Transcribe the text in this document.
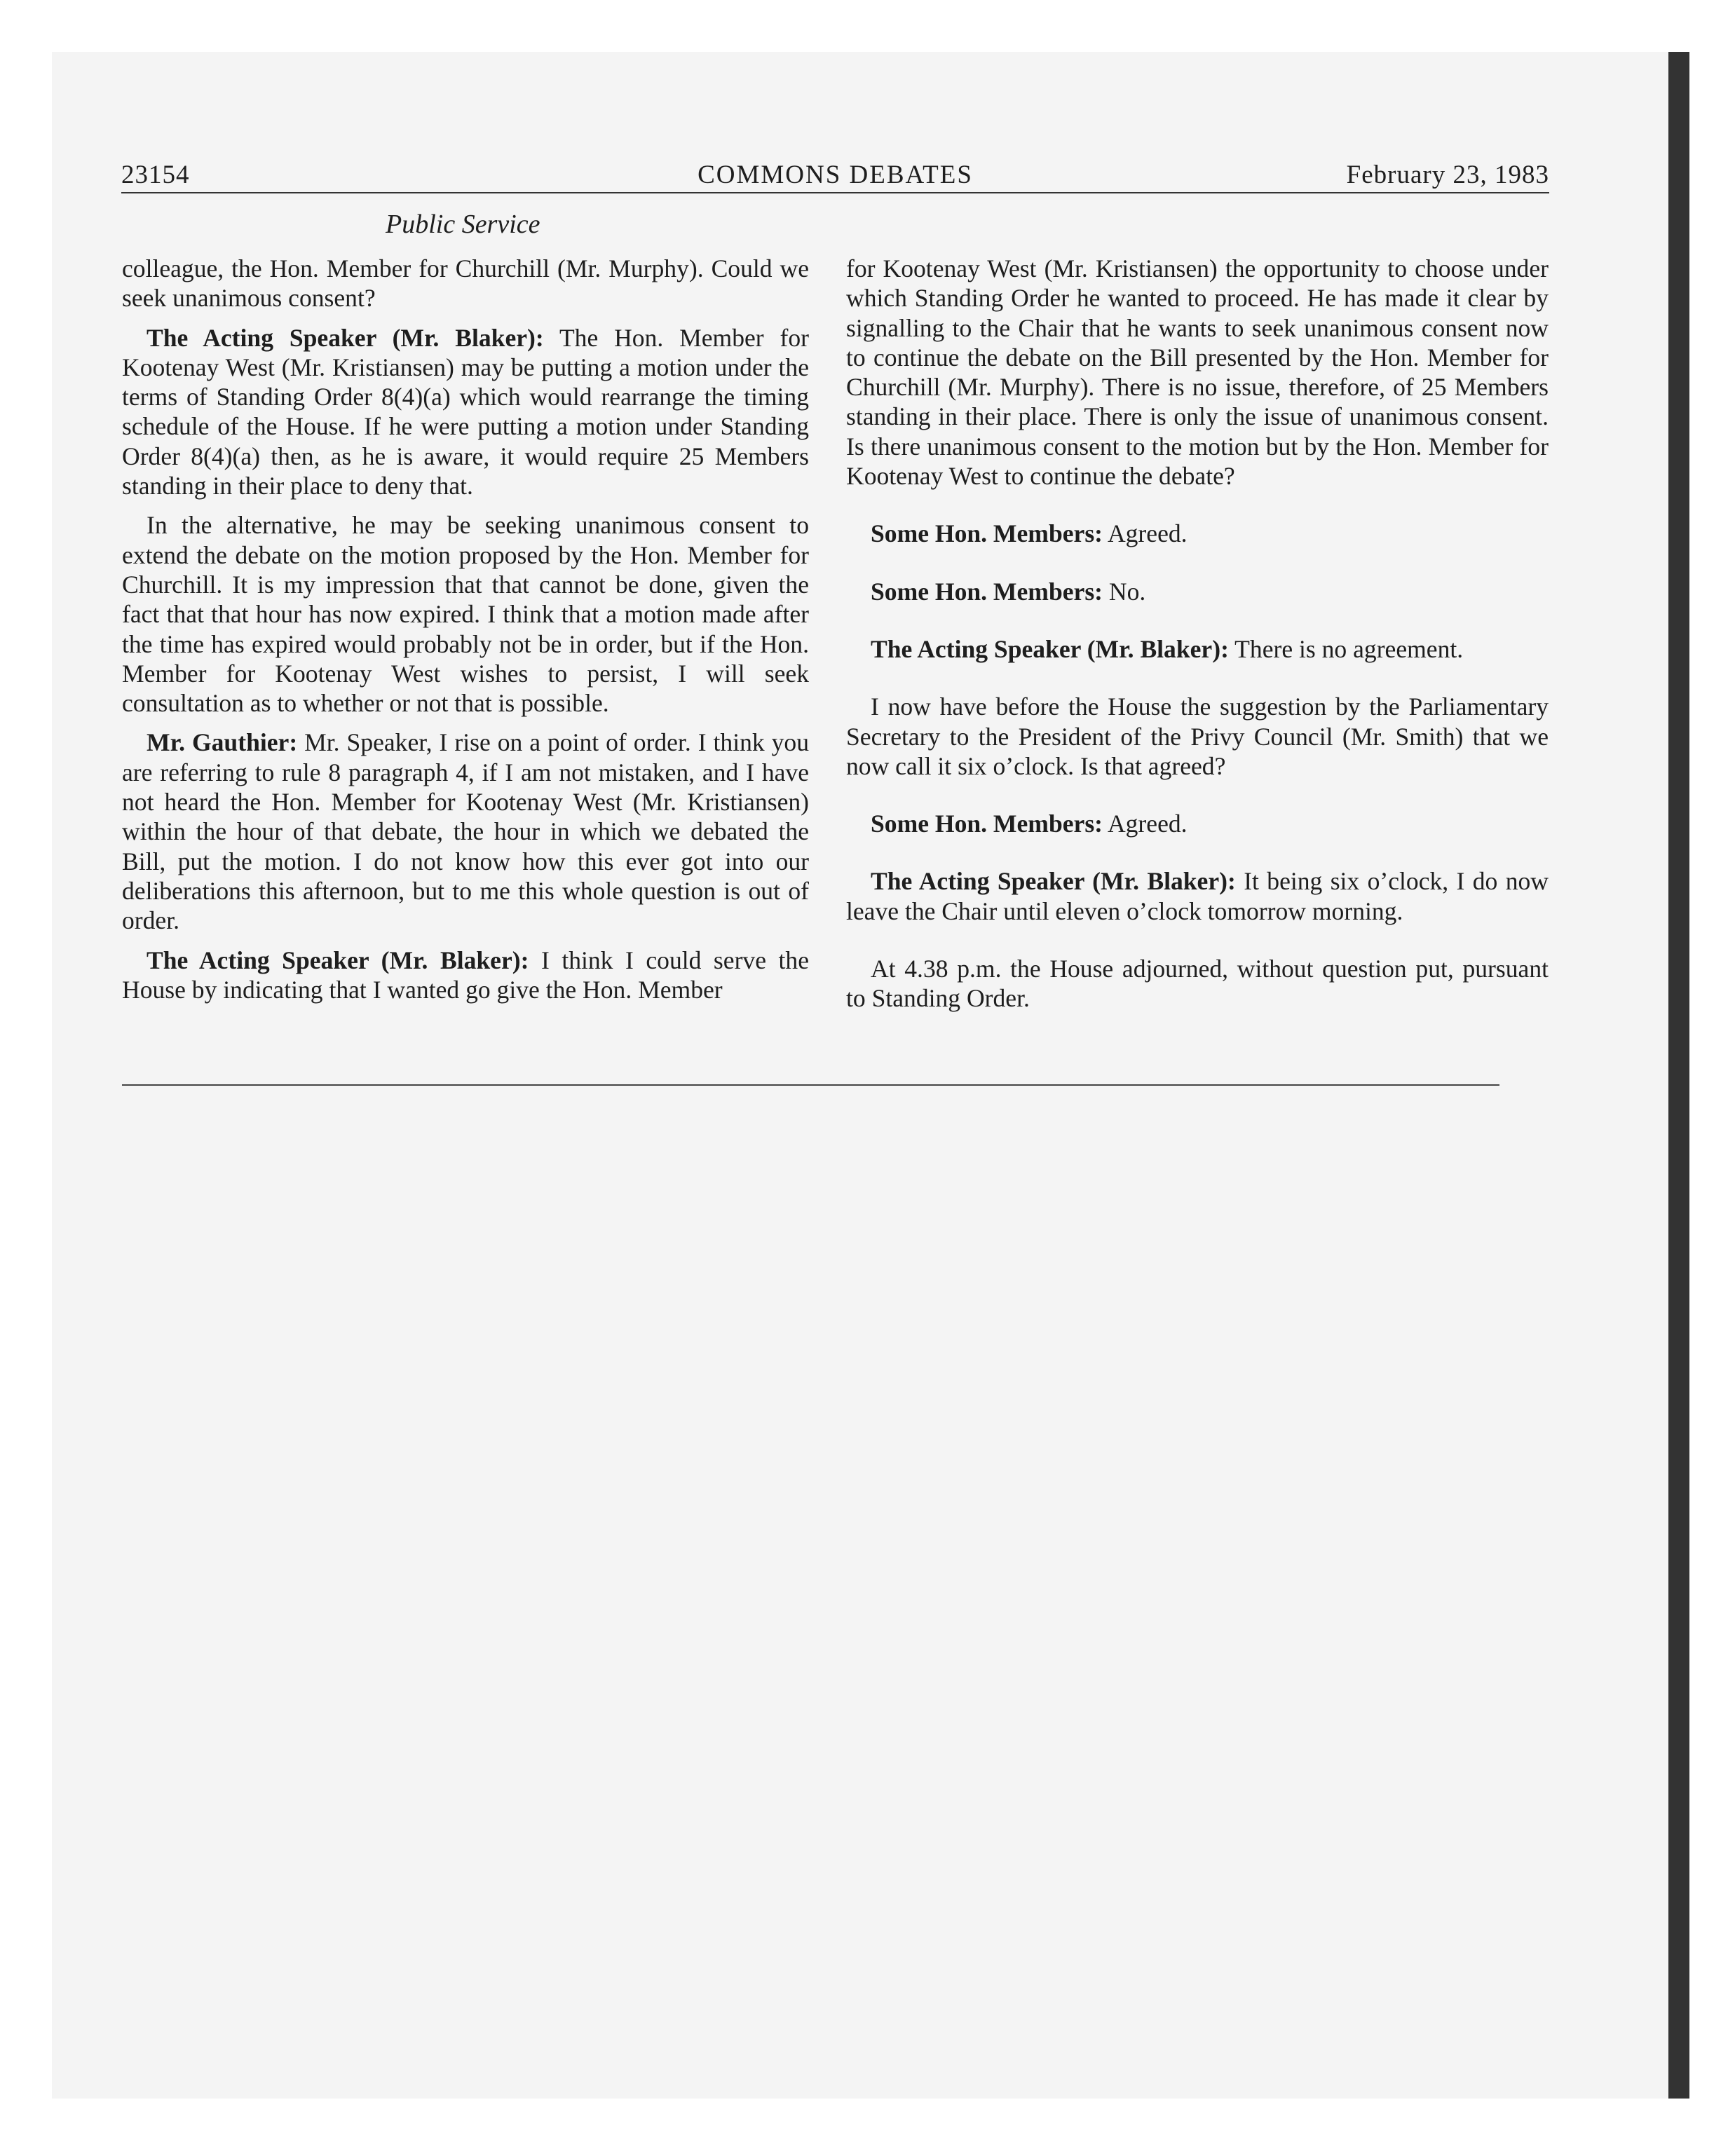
23154	COMMONS DEBATES	February 23, 1983
Public Service

colleague, the Hon. Member for Churchill (Mr. Murphy). Could we seek unanimous consent?

The Acting Speaker (Mr. Blaker): The Hon. Member for Kootenay West (Mr. Kristiansen) may be putting a motion under the terms of Standing Order 8(4)(a) which would rearrange the timing schedule of the House. If he were putting a motion under Standing Order 8(4)(a) then, as he is aware, it would require 25 Members standing in their place to deny that.

In the alternative, he may be seeking unanimous consent to extend the debate on the motion proposed by the Hon. Member for Churchill. It is my impression that that cannot be done, given the fact that that hour has now expired. I think that a motion made after the time has expired would probably not be in order, but if the Hon. Member for Kootenay West wishes to persist, I will seek consultation as to whether or not that is possible.

Mr. Gauthier: Mr. Speaker, I rise on a point of order. I think you are referring to rule 8 paragraph 4, if I am not mistaken, and I have not heard the Hon. Member for Kootenay West (Mr. Kristiansen) within the hour of that debate, the hour in which we debated the Bill, put the motion. I do not know how this ever got into our deliberations this afternoon, but to me this whole question is out of order.

The Acting Speaker (Mr. Blaker): I think I could serve the House by indicating that I wanted go give the Hon. Member

for Kootenay West (Mr. Kristiansen) the opportunity to choose under which Standing Order he wanted to proceed. He has made it clear by signalling to the Chair that he wants to seek unanimous consent now to continue the debate on the Bill presented by the Hon. Member for Churchill (Mr. Murphy). There is no issue, therefore, of 25 Members standing in their place. There is only the issue of unanimous consent. Is there unanimous consent to the motion but by the Hon. Member for Kootenay West to continue the debate?

Some Hon. Members: Agreed.

Some Hon. Members: No.

The Acting Speaker (Mr. Blaker): There is no agreement.

I now have before the House the suggestion by the Parliamentary Secretary to the President of the Privy Council (Mr. Smith) that we now call it six o’clock. Is that agreed?

Some Hon. Members: Agreed.

The Acting Speaker (Mr. Blaker): It being six o’clock, I do now leave the Chair until eleven o’clock tomorrow morning.

At 4.38 p.m. the House adjourned, without question put, pursuant to Standing Order.
